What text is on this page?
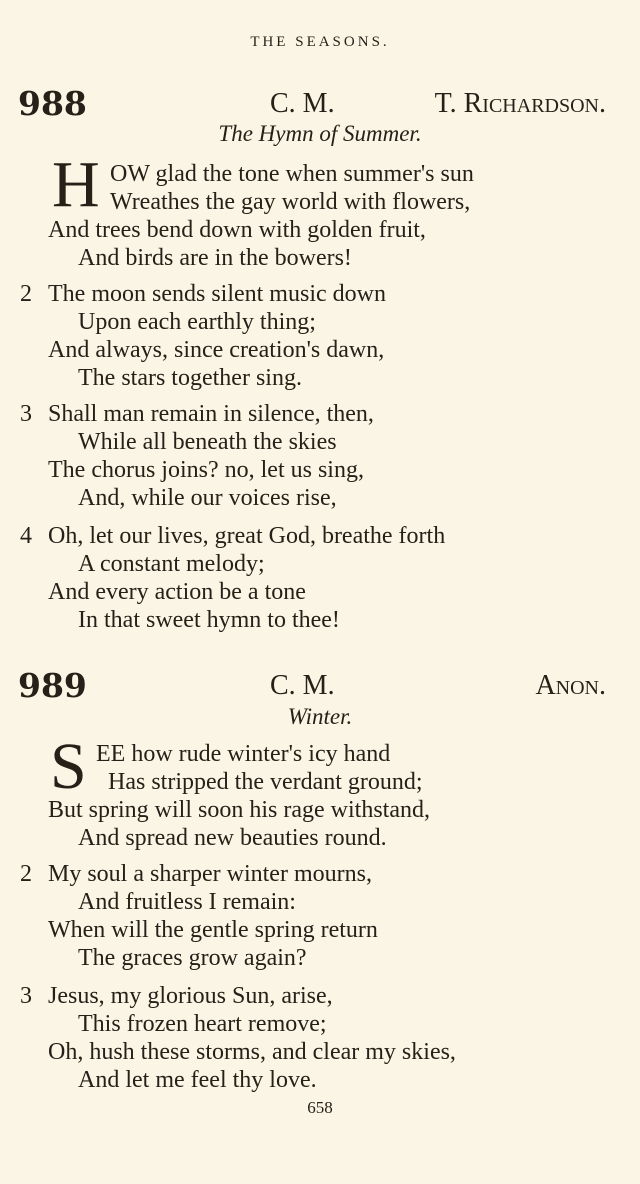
THE SEASONS.
988	C. M.	T. Richardson.
The Hymn of Summer.
H OW glad the tone when summer's sun
Wreathes the gay world with flowers,
And trees bend down with golden fruit,
And birds are in the bowers!
2 The moon sends silent music down
Upon each earthly thing;
And always, since creation's dawn,
The stars together sing.
3 Shall man remain in silence, then,
While all beneath the skies
The chorus joins? no, let us sing,
And, while our voices rise,
4 Oh, let our lives, great God, breathe forth
A constant melody;
And every action be a tone
In that sweet hymn to thee!
989	C. M.	Anon.
Winter.
S EE how rude winter's icy hand
Has stripped the verdant ground;
But spring will soon his rage withstand,
And spread new beauties round.
2 My soul a sharper winter mourns,
And fruitless I remain:
When will the gentle spring return
The graces grow again?
3 Jesus, my glorious Sun, arise,
This frozen heart remove;
Oh, hush these storms, and clear my skies,
And let me feel thy love.
658
